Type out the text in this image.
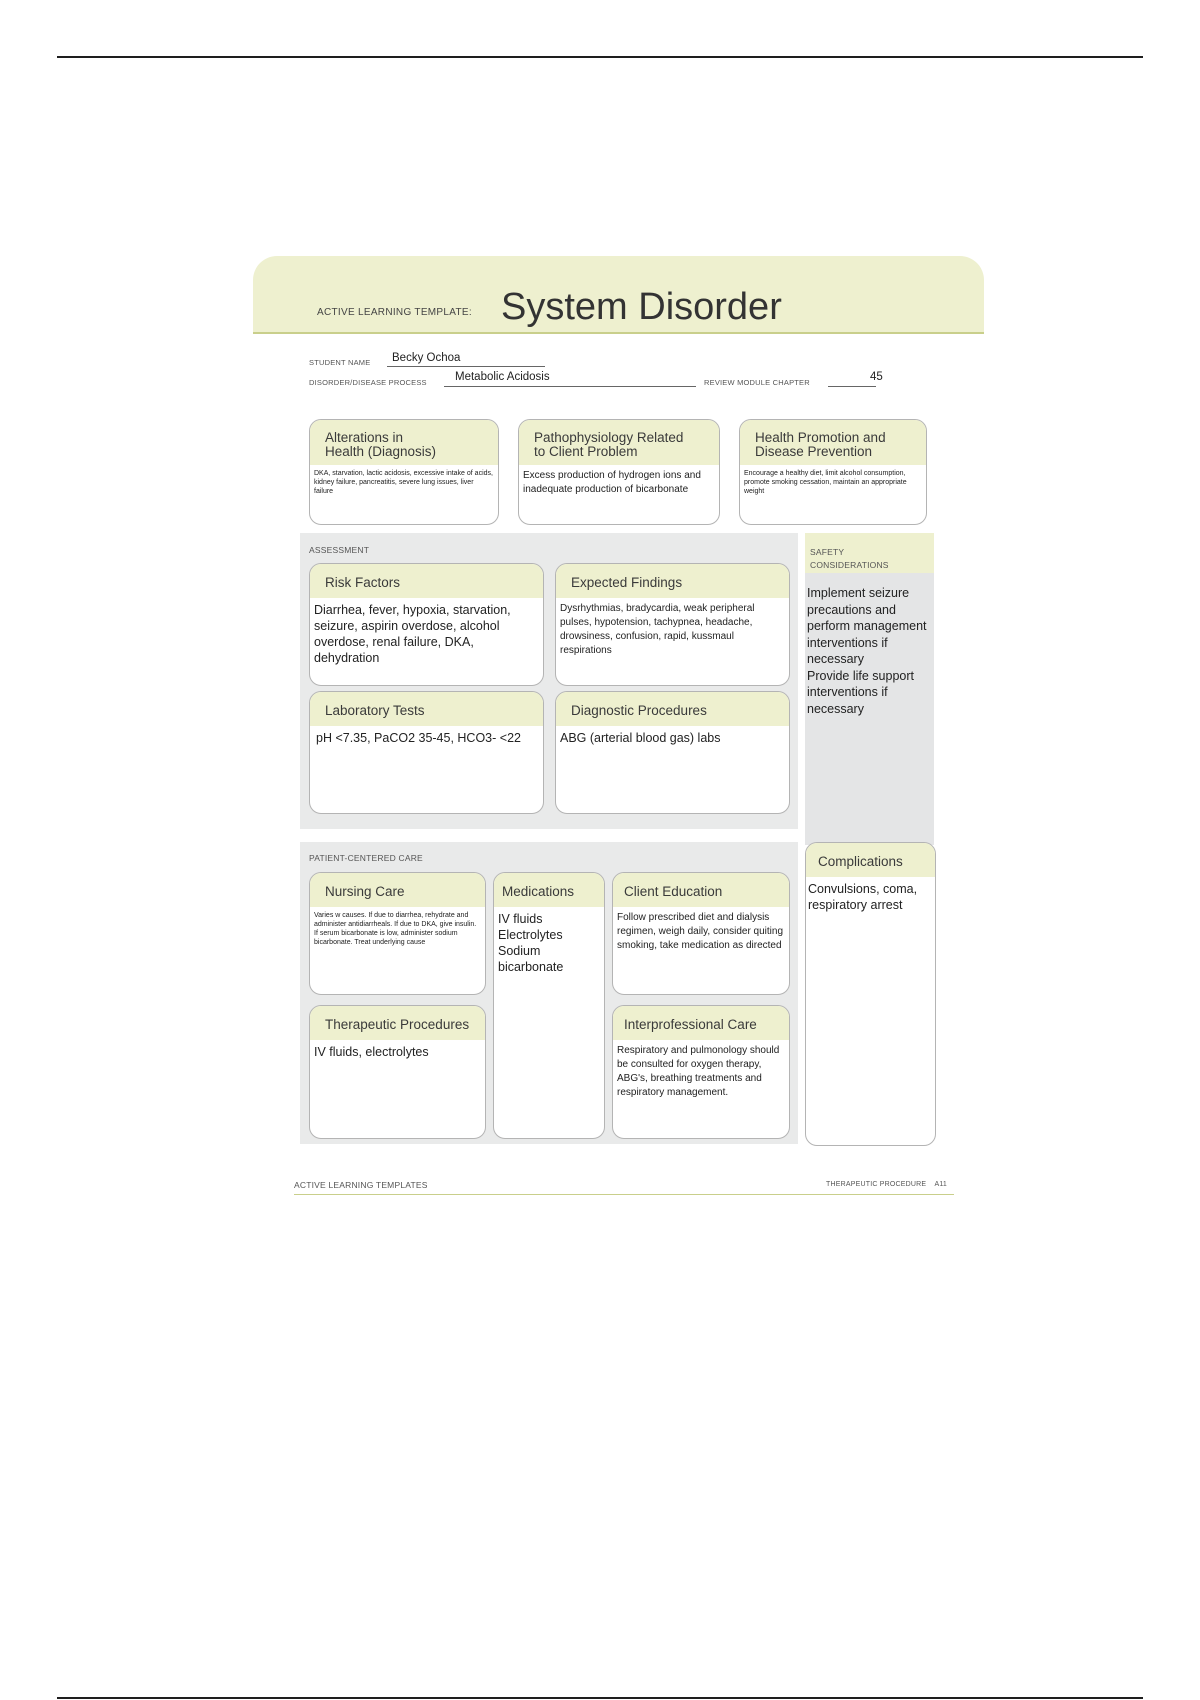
ACTIVE LEARNING TEMPLATE: System Disorder
STUDENT NAME Becky Ochoa
DISORDER/DISEASE PROCESS Metabolic Acidosis	REVIEW MODULE CHAPTER	45
Alterations in
Health (Diagnosis)
DKA, starvation, lactic acidosis, excessive intake of acids, kidney failure, pancreatitis, severe lung issues, liver failure
Pathophysiology Related
to Client Problem
Excess production of hydrogen ions and inadequate production of bicarbonate
Health Promotion and
Disease Prevention
Encourage a healthy diet, limit alcohol consumption, promote smoking cessation, maintain an appropriate weight
ASSESSMENT
Risk Factors
Diarrhea, fever, hypoxia, starvation, seizure, aspirin overdose, alcohol overdose, renal failure, DKA, dehydration
Expected Findings
Dysrhythmias, bradycardia, weak peripheral pulses, hypotension, tachypnea, headache, drowsiness, confusion, rapid, kussmaul respirations
Laboratory Tests
pH <7.35, PaCO2 35-45, HCO3- <22
Diagnostic Procedures
ABG (arterial blood gas) labs
SAFETY
CONSIDERATIONS
Implement seizure precautions and perform management interventions if necessary
Provide life support interventions if necessary
PATIENT-CENTERED CARE
Nursing Care
Varies w causes. If due to diarrhea, rehydrate and administer antidiarrheals. If due to DKA, give insulin. If serum bicarbonate is low, administer sodium bicarbonate. Treat underlying cause
Medications
IV fluids
Electrolytes
Sodium bicarbonate
Client Education
Follow prescribed diet and dialysis regimen, weigh daily, consider quiting smoking, take medication as directed
Therapeutic Procedures
IV fluids, electrolytes
Interprofessional Care
Respiratory and pulmonology should be consulted for oxygen therapy, ABG's, breathing treatments and respiratory management.
Complications
Convulsions, coma, respiratory arrest
ACTIVE LEARNING TEMPLATES	THERAPEUTIC PROCEDURE    A11
